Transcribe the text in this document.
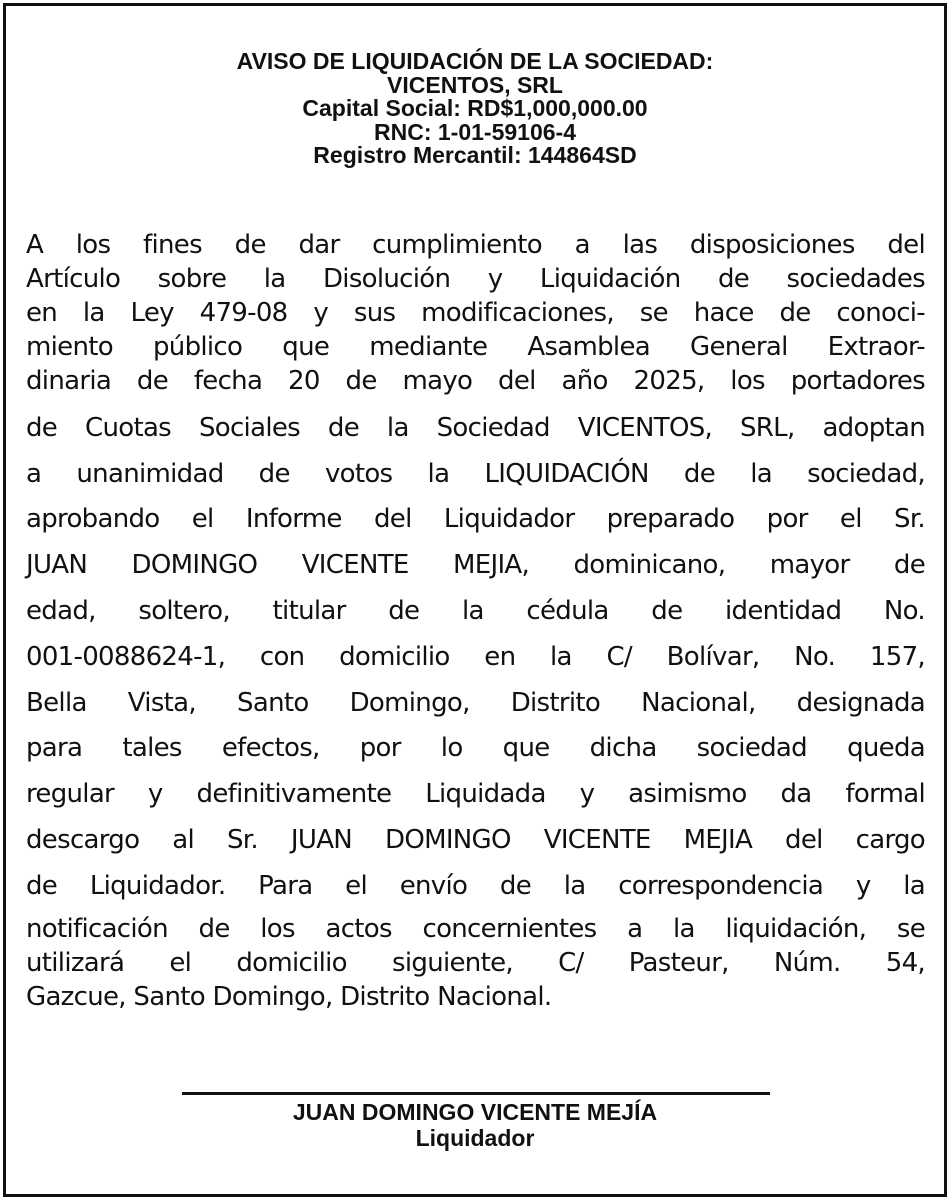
AVISO DE LIQUIDACIÓN DE LA SOCIEDAD:
VICENTOS, SRL
Capital Social: RD$1,000,000.00
RNC: 1-01-59106-4
Registro Mercantil: 144864SD
A los fines de dar cumplimiento a las disposiciones del
Artículo sobre la Disolución y Liquidación de sociedades
en la Ley 479-08 y sus modificaciones, se hace de conoci-
miento público que mediante Asamblea General Extraor-
dinaria de fecha 20 de mayo del año 2025, los portadores
de Cuotas Sociales de la Sociedad VICENTOS, SRL, adoptan
a unanimidad de votos la LIQUIDACIÓN de la sociedad,
aprobando el Informe del Liquidador preparado por el Sr.
JUAN DOMINGO VICENTE MEJIA, dominicano, mayor de
edad, soltero, titular de la cédula de identidad No.
001-0088624-1, con domicilio en la C/ Bolívar, No. 157,
Bella Vista, Santo Domingo, Distrito Nacional, designada
para tales efectos, por lo que dicha sociedad queda
regular y definitivamente Liquidada y asimismo da formal
descargo al Sr. JUAN DOMINGO VICENTE MEJIA del cargo
de Liquidador. Para el envío de la correspondencia y la
notificación de los actos concernientes a la liquidación, se
utilizará el domicilio siguiente, C/ Pasteur, Núm. 54,
Gazcue, Santo Domingo, Distrito Nacional.
JUAN DOMINGO VICENTE MEJÍA
Liquidador
